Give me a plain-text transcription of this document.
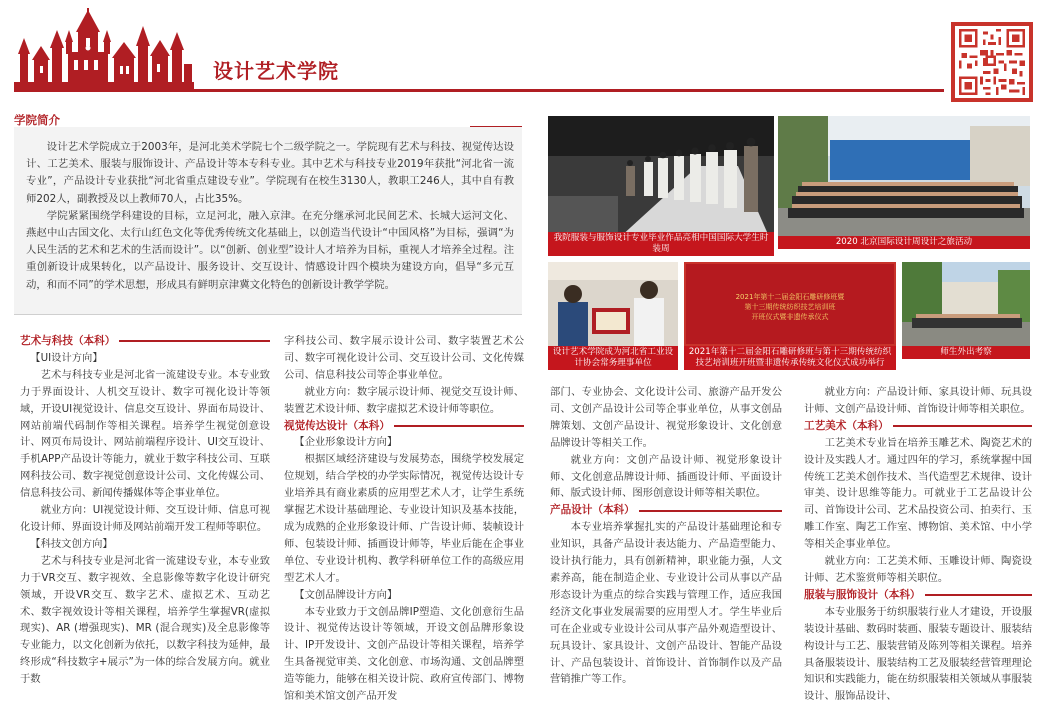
设计艺术学院
学院简介

设计艺术学院成立于2003年，是河北美术学院七个二级学院之一。学院现有艺术与科技、视觉传达设计、工艺美术、服装与服饰设计、产品设计等本专科专业。其中艺术与科技专业2019年获批“河北省一流专业”，产品设计专业获批“河北省重点建设专业”。学院现有在校生3130人，教职工246人，其中自有教师202人，副教授及以上教师70人，占比35%。

学院紧紧围绕学科建设的目标，立足河北，融入京津。在充分继承河北民间艺术、长城大运河文化、燕赵中山古国文化、太行山红色文化等优秀传统文化基础上，以创造当代设计“中国风格”为目标，强调“为人民生活的艺术和艺术的生活而设计”。以“创新、创业型”设计人才培养为目标，重视人才培养全过程。注重创新设计成果转化，以产品设计、服务设计、交互设计、情感设计四个模块为建设方向，倡导“多元互动，和而不同”的学术思想，形成具有鲜明京津冀文化特色的创新设计教学学院。

我院服装与服饰设计专业毕业作品亮相中国国际大学生时装周
2020 北京国际设计周设计之旅活动
设计艺术学院成为河北省工业设计协会常务理事单位
2021年第十二届金阳石雕研修班暨
第十三期传统纺织技艺培训班
开班仪式暨非遗传承仪式
2021年第十二届金阳石雕研修班与第十三期传统纺织技艺培训班开班暨非遗传承传统文化仪式成功举行
师生外出考察
艺术与科技（本科）

【UI设计方向】

艺术与科技专业是河北省一流建设专业。本专业致力于界面设计、人机交互设计、数字可视化设计等领域，开设UI视觉设计、信息交互设计、界面布局设计、网站前端代码制作等相关课程。培养学生视觉创意设计、网页布局设计、网站前端程序设计、UI交互设计、手机APP产品设计等能力，就业于数字科技公司、互联网科技公司、数字视觉创意设计公司、文化传媒公司、信息科技公司、新闻传播媒体等企事业单位。

就业方向：UI视觉设计师、交互设计师、信息可视化设计师、界面设计师及网站前端开发工程师等职位。

【科技文创方向】

艺术与科技专业是河北省一流建设专业，本专业致力于VR交互、数字视效、全息影像等数字化设计研究领域，开设VR交互、数字艺术、虚拟艺术、互动艺术、数字视效设计等相关课程，培养学生掌握VR(虚拟现实)、AR (增强现实)、MR (混合现实)及全息影像等专业能力，以文化创新为依托，以数字科技为延伸，最终形成“科技数字+展示”为一体的综合发展方向。就业于数

字科技公司、数字展示设计公司、数字装置艺术公司、数字可视化设计公司、交互设计公司、文化传媒公司、信息科技公司等企事业单位。

就业方向：数字展示设计师、视觉交互设计师、装置艺术设计师、数字虚拟艺术设计师等职位。

视觉传达设计（本科）

【企业形象设计方向】

根据区域经济建设与发展势态，围绕学校发展定位规划，结合学校的办学实际情况，视觉传达设计专业培养具有商业素质的应用型艺术人才，让学生系统掌握艺术设计基础理论、专业设计知识及基本技能，成为成熟的企业形象设计师、广告设计师、装帧设计师、包装设计师、插画设计师等，毕业后能在企事业单位、专业设计机构、教学科研单位工作的高级应用型艺术人才。

【文创品牌设计方向】

本专业致力于文创品牌IP塑造、文化创意衍生品设计、视觉传达设计等领域，开设文创品牌形象设计、IP开发设计、文创产品设计等相关课程，培养学生具备视觉审美、文化创意、市场沟通、文创品牌塑造等能力，能够在相关设计院、政府宣传部门、博物馆和美术馆文创产品开发

部门、专业协会、文化设计公司、旅游产品开发公司、文创产品设计公司等企事业单位，从事文创品牌策划、文创产品设计、视觉形象设计、文化创意品牌设计等相关工作。

就业方向：文创产品设计师、视觉形象设计师、文化创意品牌设计师、插画设计师、平面设计师、版式设计师、图形创意设计师等相关职位。

产品设计（本科）

本专业培养掌握扎实的产品设计基础理论和专业知识，具备产品设计表达能力、产品造型能力、设计执行能力，具有创新精神，职业能力强，人文素养高，能在制造企业、专业设计公司从事以产品形态设计为重点的综合实践与管理工作，适应我国经济文化事业发展需要的应用型人才。学生毕业后可在企业或专业设计公司从事产品外观造型设计、玩具设计、家具设计、文创产品设计、智能产品设计、产品包装设计、首饰设计、首饰制作以及产品营销推广等工作。

就业方向：产品设计师、家具设计师、玩具设计师、文创产品设计师、首饰设计师等相关职位。

工艺美术（本科）

工艺美术专业旨在培养玉雕艺术、陶瓷艺术的设计及实践人才。通过四年的学习，系统掌握中国传统工艺美术创作技术、当代造型艺术规律、设计审美、设计思维等能力。可就业于工艺品设计公司、首饰设计公司、艺术品投资公司、拍卖行、玉雕工作室、陶艺工作室、博物馆、美术馆、中小学等相关企事业单位。

就业方向：工艺美术师、玉雕设计师、陶瓷设计师、艺术鉴赏师等相关职位。

服装与服饰设计（本科）

本专业服务于纺织服装行业人才建设，开设服装设计基础、数码时装画、服装专题设计、服装结构设计与工艺、服装营销及陈列等相关课程。培养具备服装设计、服装结构工艺及服装经营管理理论知识和实践能力，能在纺织服装相关领域从事服装设计、服饰品设计、
